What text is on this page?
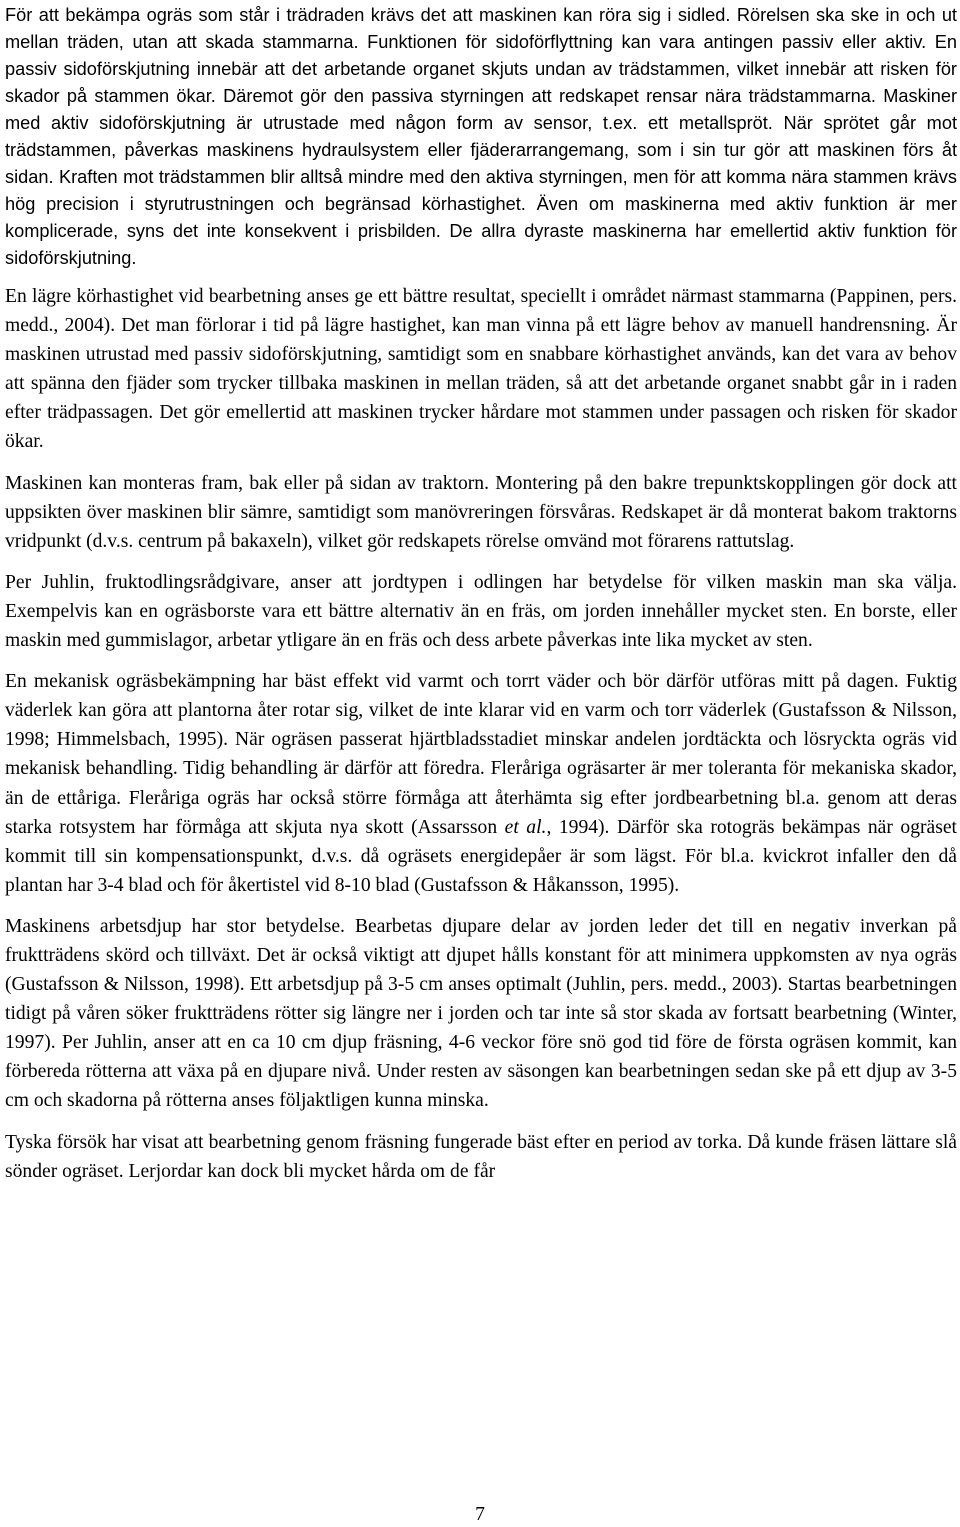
För att bekämpa ogräs som står i trädraden krävs det att maskinen kan röra sig i sidled. Rörelsen ska ske in och ut mellan träden, utan att skada stammarna. Funktionen för sidoförflyttning kan vara antingen passiv eller aktiv. En passiv sidoförskjutning innebär att det arbetande organet skjuts undan av trädstammen, vilket innebär att risken för skador på stammen ökar. Däremot gör den passiva styrningen att redskapet rensar nära trädstammarna. Maskiner med aktiv sidoförskjutning är utrustade med någon form av sensor, t.ex. ett metallspröt. När sprötet går mot trädstammen, påverkas maskinens hydraulsystem eller fjäderarrangemang, som i sin tur gör att maskinen förs åt sidan. Kraften mot trädstammen blir alltså mindre med den aktiva styrningen, men för att komma nära stammen krävs hög precision i styrutrustningen och begränsad körhastighet. Även om maskinerna med aktiv funktion är mer komplicerade, syns det inte konsekvent i prisbilden. De allra dyraste maskinerna har emellertid aktiv funktion för sidoförskjutning.

En lägre körhastighet vid bearbetning anses ge ett bättre resultat, speciellt i området närmast stammarna (Pappinen, pers. medd., 2004). Det man förlorar i tid på lägre hastighet, kan man vinna på ett lägre behov av manuell handrensning. Är maskinen utrustad med passiv sidoförskjutning, samtidigt som en snabbare körhastighet används, kan det vara av behov att spänna den fjäder som trycker tillbaka maskinen in mellan träden, så att det arbetande organet snabbt går in i raden efter trädpassagen. Det gör emellertid att maskinen trycker hårdare mot stammen under passagen och risken för skador ökar.

Maskinen kan monteras fram, bak eller på sidan av traktorn. Montering på den bakre trepunktskopplingen gör dock att uppsikten över maskinen blir sämre, samtidigt som manövreringen försvåras. Redskapet är då monterat bakom traktorns vridpunkt (d.v.s. centrum på bakaxeln), vilket gör redskapets rörelse omvänd mot förarens rattutslag.

Per Juhlin, fruktodlingsrådgivare, anser att jordtypen i odlingen har betydelse för vilken maskin man ska välja. Exempelvis kan en ogräsborste vara ett bättre alternativ än en fräs, om jorden innehåller mycket sten. En borste, eller maskin med gummislagor, arbetar ytligare än en fräs och dess arbete påverkas inte lika mycket av sten.

En mekanisk ogräsbekämpning har bäst effekt vid varmt och torrt väder och bör därför utföras mitt på dagen. Fuktig väderlek kan göra att plantorna åter rotar sig, vilket de inte klarar vid en varm och torr väderlek (Gustafsson & Nilsson, 1998; Himmelsbach, 1995). När ogräsen passerat hjärtbladsstadiet minskar andelen jordtäckta och lösryckta ogräs vid mekanisk behandling. Tidig behandling är därför att föredra. Fleråriga ogräsarter är mer toleranta för mekaniska skador, än de ettåriga. Fleråriga ogräs har också större förmåga att återhämta sig efter jordbearbetning bl.a. genom att deras starka rotsystem har förmåga att skjuta nya skott (Assarsson et al., 1994). Därför ska rotogräs bekämpas när ogräset kommit till sin kompensationspunkt, d.v.s. då ogräsets energidepåer är som lägst. För bl.a. kvickrot infaller den då plantan har 3-4 blad och för åkertistel vid 8-10 blad (Gustafsson & Håkansson, 1995).

Maskinens arbetsdjup har stor betydelse. Bearbetas djupare delar av jorden leder det till en negativ inverkan på fruktträdens skörd och tillväxt. Det är också viktigt att djupet hålls konstant för att minimera uppkomsten av nya ogräs (Gustafsson & Nilsson, 1998). Ett arbetsdjup på 3-5 cm anses optimalt (Juhlin, pers. medd., 2003). Startas bearbetningen tidigt på våren söker fruktträdens rötter sig längre ner i jorden och tar inte så stor skada av fortsatt bearbetning (Winter, 1997). Per Juhlin, anser att en ca 10 cm djup fräsning, 4-6 veckor före snö god tid före de första ogräsen kommit, kan förbereda rötterna att växa på en djupare nivå. Under resten av säsongen kan bearbetningen sedan ske på ett djup av 3-5 cm och skadorna på rötterna anses följaktligen kunna minska.

Tyska försök har visat att bearbetning genom fräsning fungerade bäst efter en period av torka. Då kunde fräsen lättare slå sönder ogräset. Lerjordar kan dock bli mycket hårda om de får

7
